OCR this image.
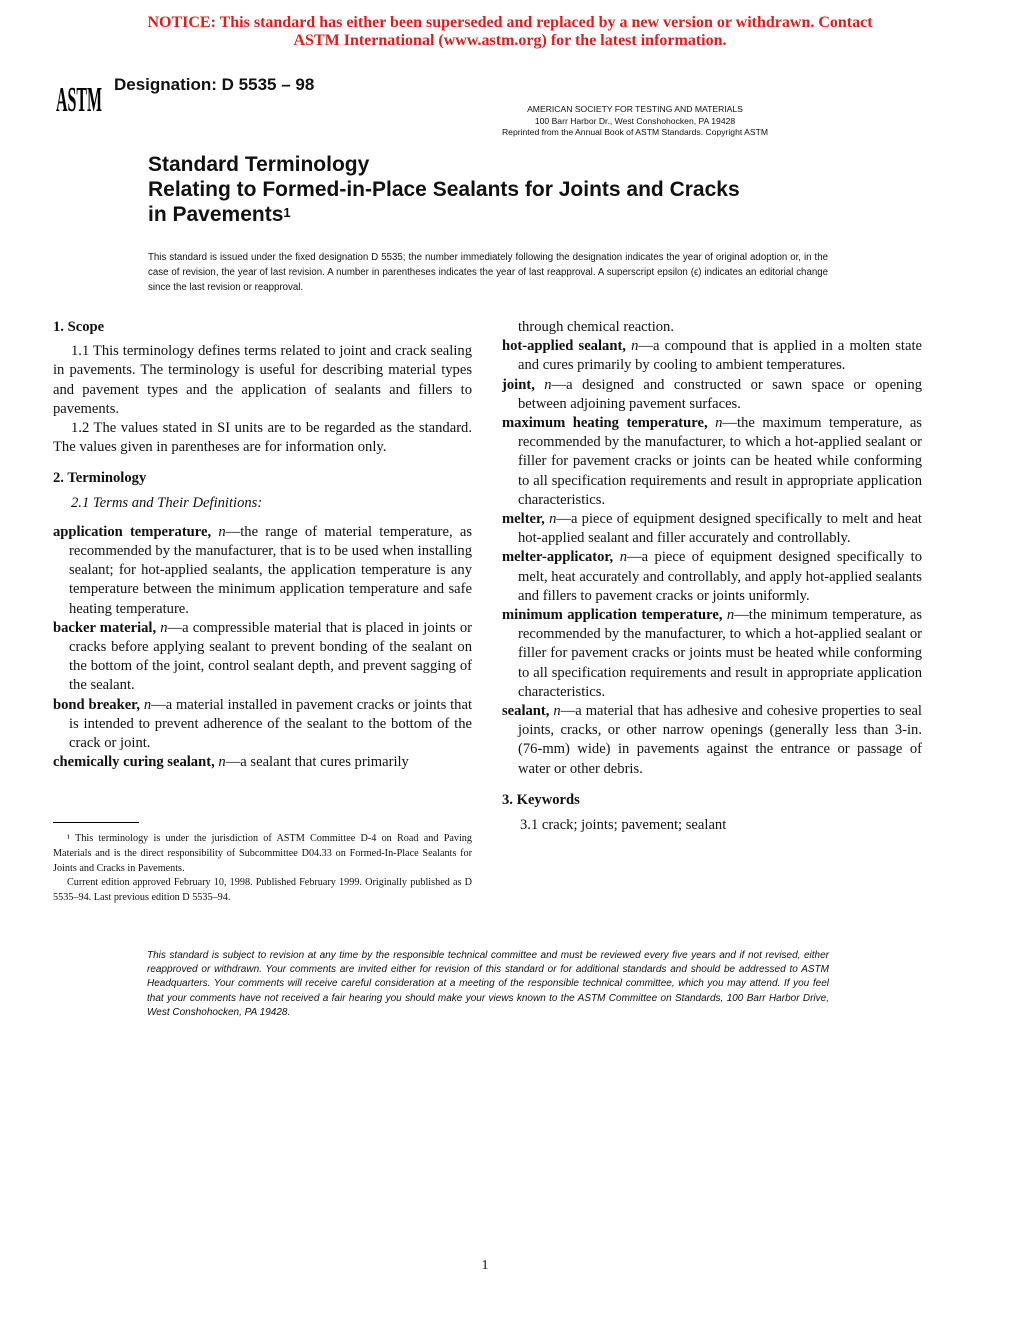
NOTICE: This standard has either been superseded and replaced by a new version or withdrawn. Contact
ASTM International (www.astm.org) for the latest information.
ASTM Designation: D 5535 – 98
AMERICAN SOCIETY FOR TESTING AND MATERIALS
100 Barr Harbor Dr., West Conshohocken, PA 19428
Reprinted from the Annual Book of ASTM Standards. Copyright ASTM
Standard Terminology
Relating to Formed-in-Place Sealants for Joints and Cracks
in Pavements$^1$
This standard is issued under the fixed designation D 5535; the number immediately following the designation indicates the year of original adoption or, in the case of revision, the year of last revision. A number in parentheses indicates the year of last reapproval. A superscript epsilon (ϵ) indicates an editorial change since the last revision or reapproval.

1. Scope

1.1 This terminology defines terms related to joint and crack sealing in pavements. The terminology is useful for describing material types and pavement types and the application of sealants and fillers to pavements.

1.2 The values stated in SI units are to be regarded as the standard. The values given in parentheses are for information only.

2. Terminology

2.1 Terms and Their Definitions:

application temperature, n—the range of material temperature, as recommended by the manufacturer, that is to be used when installing sealant; for hot-applied sealants, the application temperature is any temperature between the minimum application temperature and safe heating temperature.

backer material, n—a compressible material that is placed in joints or cracks before applying sealant to prevent bonding of the sealant on the bottom of the joint, control sealant depth, and prevent sagging of the sealant.

bond breaker, n—a material installed in pavement cracks or joints that is intended to prevent adherence of the sealant to the bottom of the crack or joint.

chemically curing sealant, n—a sealant that cures primarily

through chemical reaction.

hot-applied sealant, n—a compound that is applied in a molten state and cures primarily by cooling to ambient temperatures.

joint, n—a designed and constructed or sawn space or opening between adjoining pavement surfaces.

maximum heating temperature, n—the maximum temperature, as recommended by the manufacturer, to which a hot-applied sealant or filler for pavement cracks or joints can be heated while conforming to all specification requirements and result in appropriate application characteristics.

melter, n—a piece of equipment designed specifically to melt and heat hot-applied sealant and filler accurately and controllably.

melter-applicator, n—a piece of equipment designed specifically to melt, heat accurately and controllably, and apply hot-applied sealants and fillers to pavement cracks or joints uniformly.

minimum application temperature, n—the minimum temperature, as recommended by the manufacturer, to which a hot-applied sealant or filler for pavement cracks or joints must be heated while conforming to all specification requirements and result in appropriate application characteristics.

sealant, n—a material that has adhesive and cohesive properties to seal joints, cracks, or other narrow openings (generally less than 3-in. (76-mm) wide) in pavements against the entrance or passage of water or other debris.

3. Keywords

3.1 crack; joints; pavement; sealant

¹ This terminology is under the jurisdiction of ASTM Committee D-4 on Road and Paving Materials and is the direct responsibility of Subcommittee D04.33 on Formed-In-Place Sealants for Joints and Cracks in Pavements.

Current edition approved February 10, 1998. Published February 1999. Originally published as D 5535–94. Last previous edition D 5535–94.

This standard is subject to revision at any time by the responsible technical committee and must be reviewed every five years and if not revised, either reapproved or withdrawn. Your comments are invited either for revision of this standard or for additional standards and should be addressed to ASTM Headquarters. Your comments will receive careful consideration at a meeting of the responsible technical committee, which you may attend. If you feel that your comments have not received a fair hearing you should make your views known to the ASTM Committee on Standards, 100 Barr Harbor Drive, West Conshohocken, PA 19428.
1
